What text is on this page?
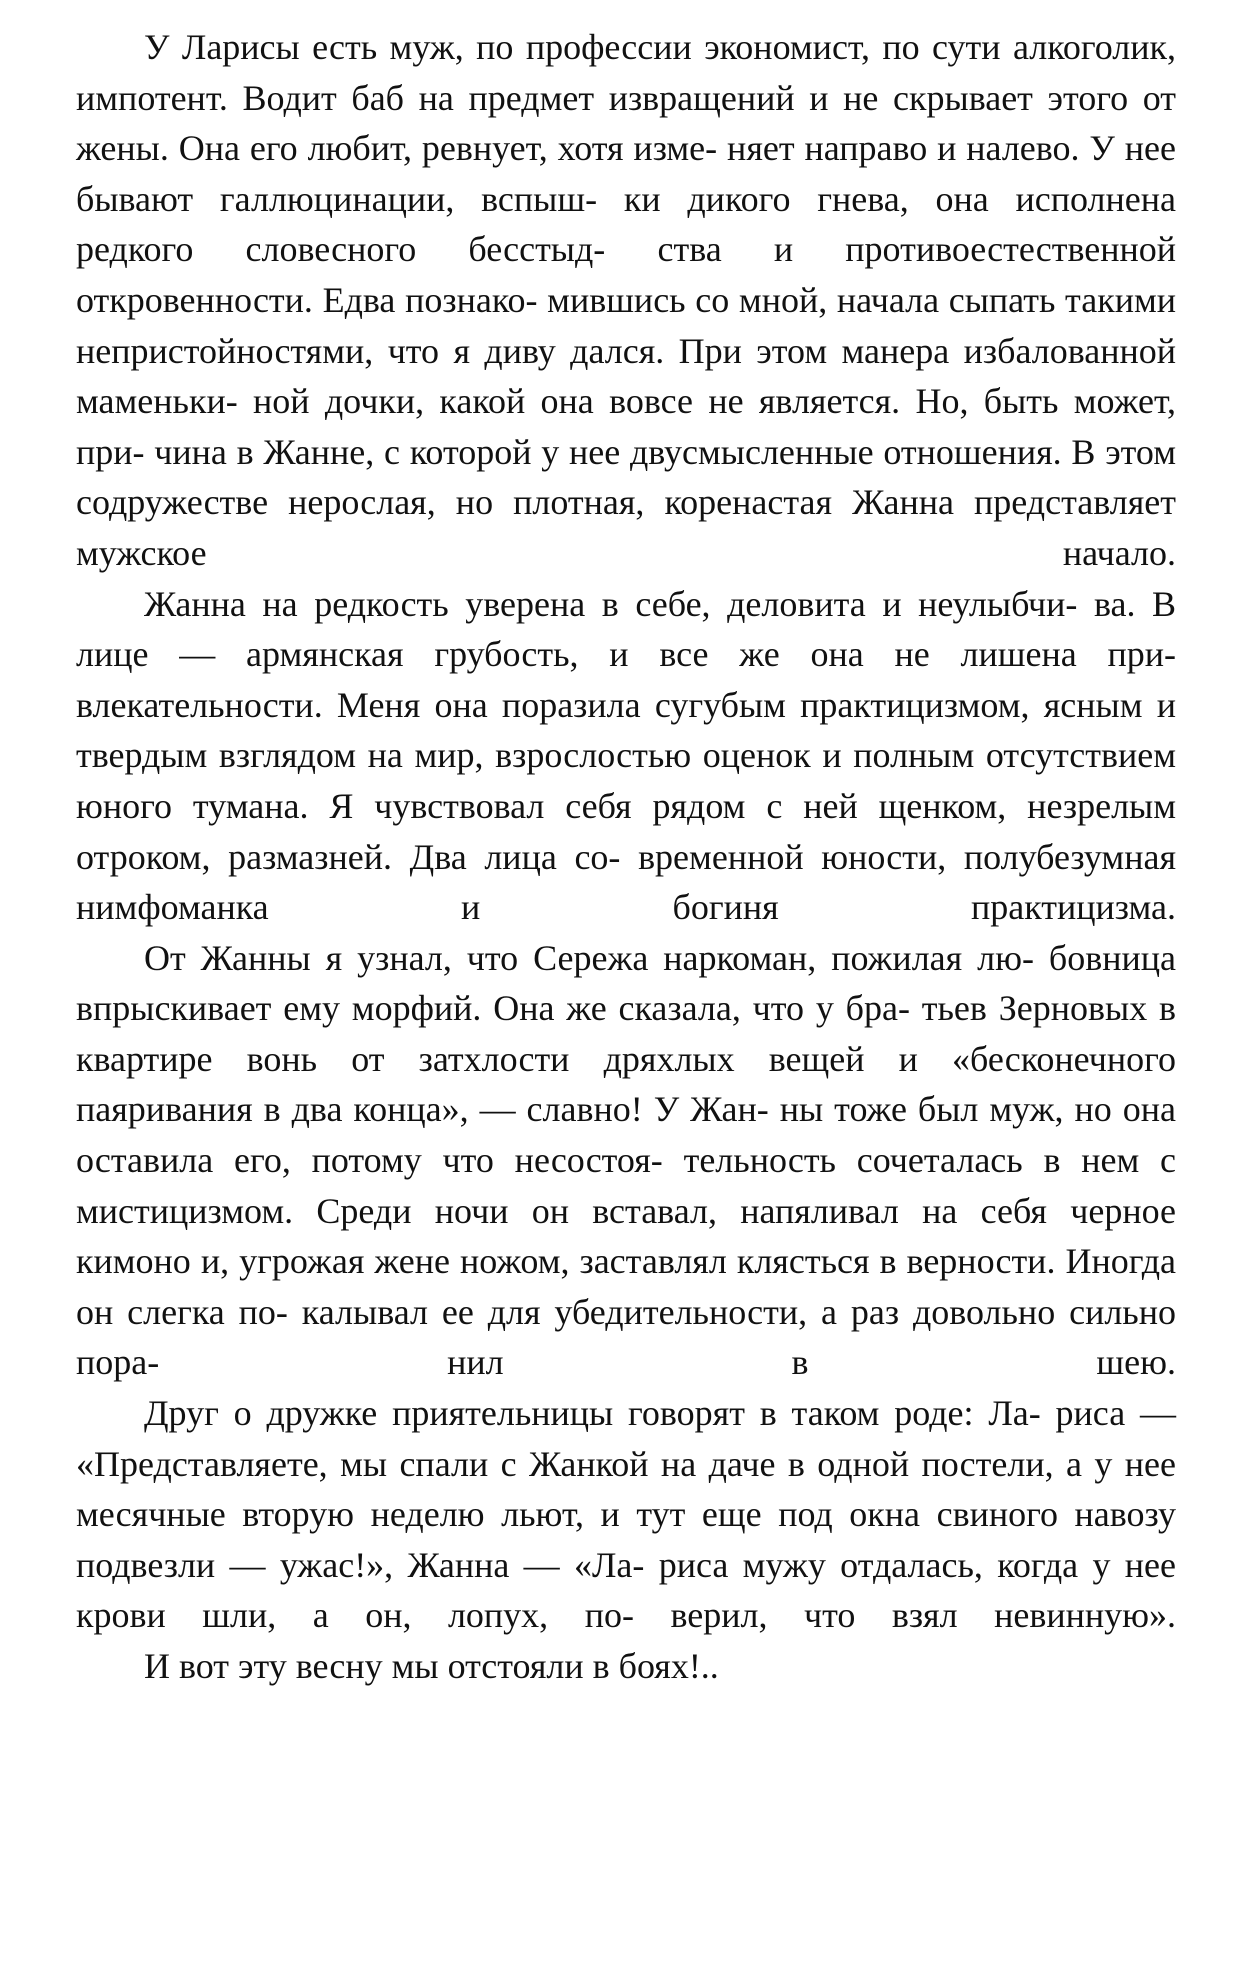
У Ларисы есть муж, по профессии экономист, по сути алкоголик, импотент. Водит баб на предмет извращений и не скрывает этого от жены. Она его любит, ревнует, хотя изме- няет направо и налево. У нее бывают галлюцинации, вспыш- ки дикого гнева, она исполнена редкого словесного бесстыд- ства и противоестественной откровенности. Едва познако- мившись со мной, начала сыпать такими непристойностями, что я диву дался. При этом манера избалованной маменьки- ной дочки, какой она вовсе не является. Но, быть может, при- чина в Жанне, с которой у нее двусмысленные отношения. В этом содружестве нерослая, но плотная, коренастая Жанна представляет мужское начало.

Жанна на редкость уверена в себе, деловита и неулыбчи- ва. В лице — армянская грубость, и все же она не лишена при- влекательности. Меня она поразила сугубым практицизмом, ясным и твердым взглядом на мир, взрослостью оценок и полным отсутствием юного тумана. Я чувствовал себя рядом с ней щенком, незрелым отроком, размазней. Два лица со- временной юности, полубезумная нимфоманка и богиня	практицизма.

От Жанны я узнал, что Сережа наркоман, пожилая лю- бовница впрыскивает ему морфий. Она же сказала, что у бра- тьев Зерновых в квартире вонь от затхлости дряхлых вещей и «бесконечного паяривания в два конца», — славно! У Жан- ны тоже был муж, но она оставила его, потому что несостоя- тельность сочеталась в нем с мистицизмом. Среди ночи он вставал, напяливал на себя черное кимоно и, угрожая жене ножом, заставлял клясться в верности. Иногда он слегка по- калывал ее для убедительности, а раз довольно сильно пора-	нил в шею.

Друг о дружке приятельницы говорят в таком роде: Ла- риса — «Представляете, мы спали с Жанкой на даче в одной постели, а у нее месячные вторую неделю льют, и тут еще под окна свиного навозу подвезли — ужас!», Жанна — «Ла- риса мужу отдалась, когда у нее крови шли, а он, лопух, по- верил, что взял невинную».

И вот эту весну мы отстояли в боях!..
